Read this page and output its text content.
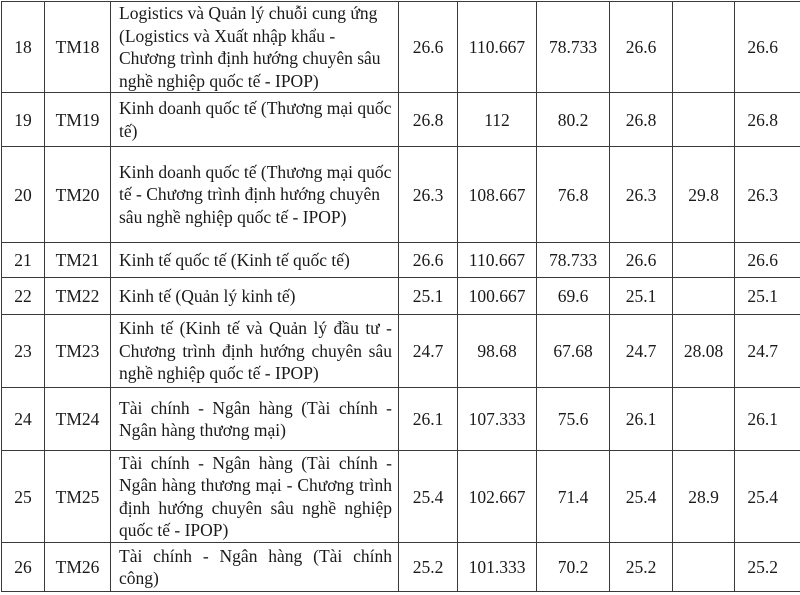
18	TM18	Logistics và Quản lý chuỗi cung ứng (Logistics và Xuất nhập khẩu - Chương trình định hướng chuyên sâu nghề nghiệp quốc tế - IPOP)	26.6	110.667	78.733	26.6		26.6
19	TM19	Kinh doanh quốc tế (Thương mại quốc tế)	26.8	112	80.2	26.8		26.8
20	TM20	Kinh doanh quốc tế (Thương mại quốc tế - Chương trình định hướng chuyên sâu nghề nghiệp quốc tế - IPOP)	26.3	108.667	76.8	26.3	29.8	26.3
21	TM21	Kinh tế quốc tế (Kinh tế quốc tế)	26.6	110.667	78.733	26.6		26.6
22	TM22	Kinh tế (Quản lý kinh tế)	25.1	100.667	69.6	25.1		25.1
23	TM23	Kinh tế (Kinh tế và Quản lý đầu tư - Chương trình định hướng chuyên sâu nghề nghiệp quốc tế - IPOP)	24.7	98.68	67.68	24.7	28.08	24.7
24	TM24	Tài chính - Ngân hàng (Tài chính - Ngân hàng thương mại)	26.1	107.333	75.6	26.1		26.1
25	TM25	Tài chính - Ngân hàng (Tài chính - Ngân hàng thương mại - Chương trình định hướng chuyên sâu nghề nghiệp quốc tế - IPOP)	25.4	102.667	71.4	25.4	28.9	25.4
26	TM26	Tài chính - Ngân hàng (Tài chính công)	25.2	101.333	70.2	25.2		25.2
